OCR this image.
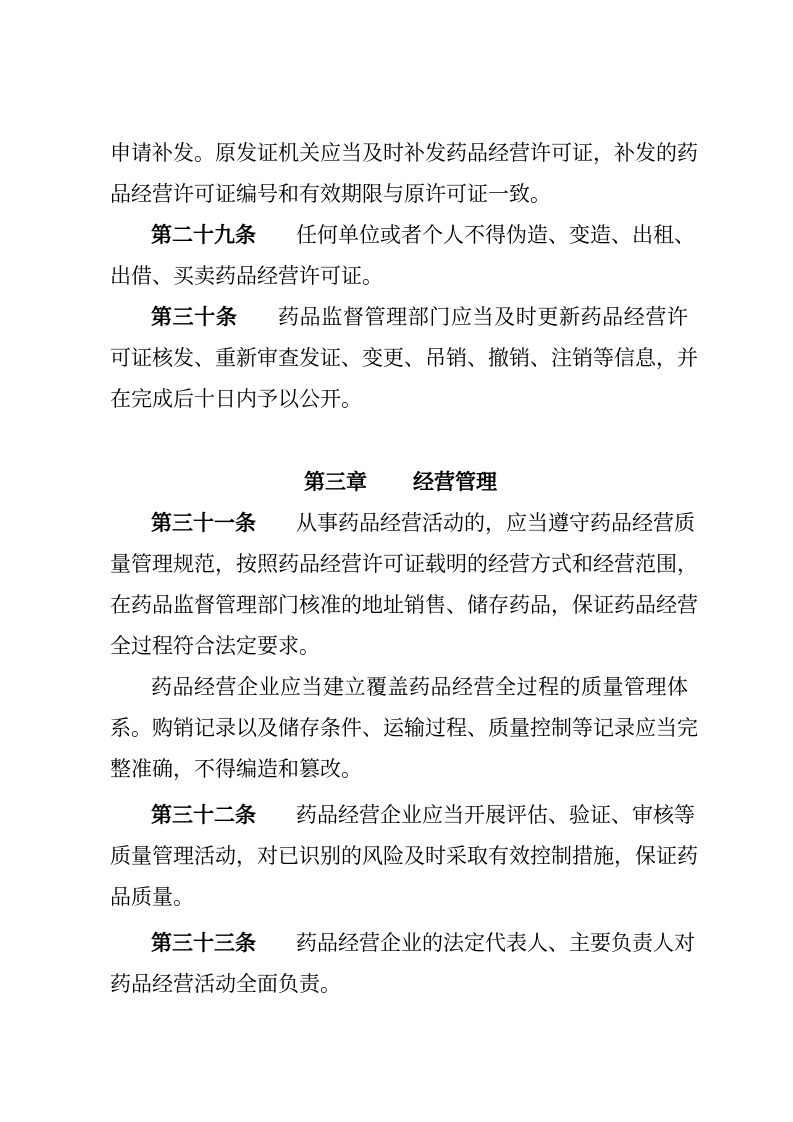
申请补发。原发证机关应当及时补发药品经营许可证，补发的药
品经营许可证编号和有效期限与原许可证一致。
第二十九条 任何单位或者个人不得伪造、变造、出租、
出借、买卖药品经营许可证。
第三十条 药品监督管理部门应当及时更新药品经营许
可证核发、重新审查发证、变更、吊销、撤销、注销等信息，并
在完成后十日内予以公开。
第三章 经营管理
第三十一条 从事药品经营活动的，应当遵守药品经营质
量管理规范，按照药品经营许可证载明的经营方式和经营范围，
在药品监督管理部门核准的地址销售、储存药品，保证药品经营
全过程符合法定要求。
药品经营企业应当建立覆盖药品经营全过程的质量管理体
系。购销记录以及储存条件、运输过程、质量控制等记录应当完
整准确，不得编造和篡改。
第三十二条 药品经营企业应当开展评估、验证、审核等
质量管理活动，对已识别的风险及时采取有效控制措施，保证药
品质量。
第三十三条 药品经营企业的法定代表人、主要负责人对
药品经营活动全面负责。
